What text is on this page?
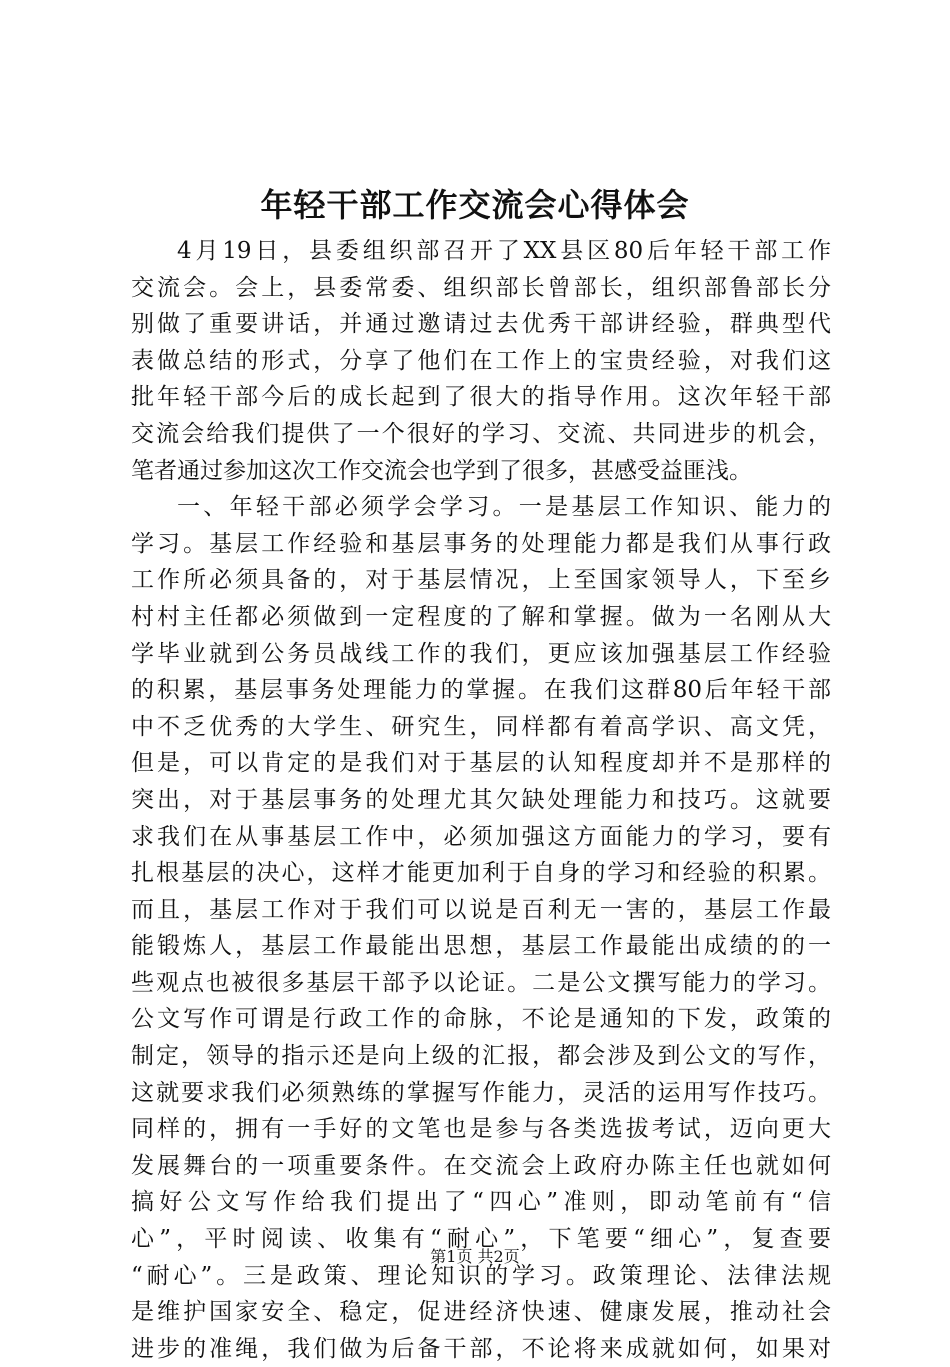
年轻干部工作交流会心得体会
4月19日，县委组织部召开了XX县区80后年轻干部工作
交流会。会上，县委常委、组织部长曾部长，组织部鲁部长分
别做了重要讲话，并通过邀请过去优秀干部讲经验，群典型代
表做总结的形式，分享了他们在工作上的宝贵经验，对我们这
批年轻干部今后的成长起到了很大的指导作用。这次年轻干部
交流会给我们提供了一个很好的学习、交流、共同进步的机会，
笔者通过参加这次工作交流会也学到了很多，甚感受益匪浅。
一、年轻干部必须学会学习。一是基层工作知识、能力的
学习。基层工作经验和基层事务的处理能力都是我们从事行政
工作所必须具备的，对于基层情况，上至国家领导人，下至乡
村村主任都必须做到一定程度的了解和掌握。做为一名刚从大
学毕业就到公务员战线工作的我们，更应该加强基层工作经验
的积累，基层事务处理能力的掌握。在我们这群80后年轻干部
中不乏优秀的大学生、研究生，同样都有着高学识、高文凭，
但是，可以肯定的是我们对于基层的认知程度却并不是那样的
突出，对于基层事务的处理尤其欠缺处理能力和技巧。这就要
求我们在从事基层工作中，必须加强这方面能力的学习，要有
扎根基层的决心，这样才能更加利于自身的学习和经验的积累。
而且，基层工作对于我们可以说是百利无一害的，基层工作最
能锻炼人，基层工作最能出思想，基层工作最能出成绩的的一
些观点也被很多基层干部予以论证。二是公文撰写能力的学习。
公文写作可谓是行政工作的命脉，不论是通知的下发，政策的
制定，领导的指示还是向上级的汇报，都会涉及到公文的写作，
这就要求我们必须熟练的掌握写作能力，灵活的运用写作技巧。
同样的，拥有一手好的文笔也是参与各类选拔考试，迈向更大
发展舞台的一项重要条件。在交流会上政府办陈主任也就如何
搞好公文写作给我们提出了“四心”准则，即动笔前有“信
心”，平时阅读、收集有“耐心”，下笔要“细心”，复查要
“耐心”。三是政策、理论知识的学习。政策理论、法律法规
是维护国家安全、稳定，促进经济快速、健康发展，推动社会
进步的准绳，我们做为后备干部，不论将来成就如何，如果对
第1页 共2页
